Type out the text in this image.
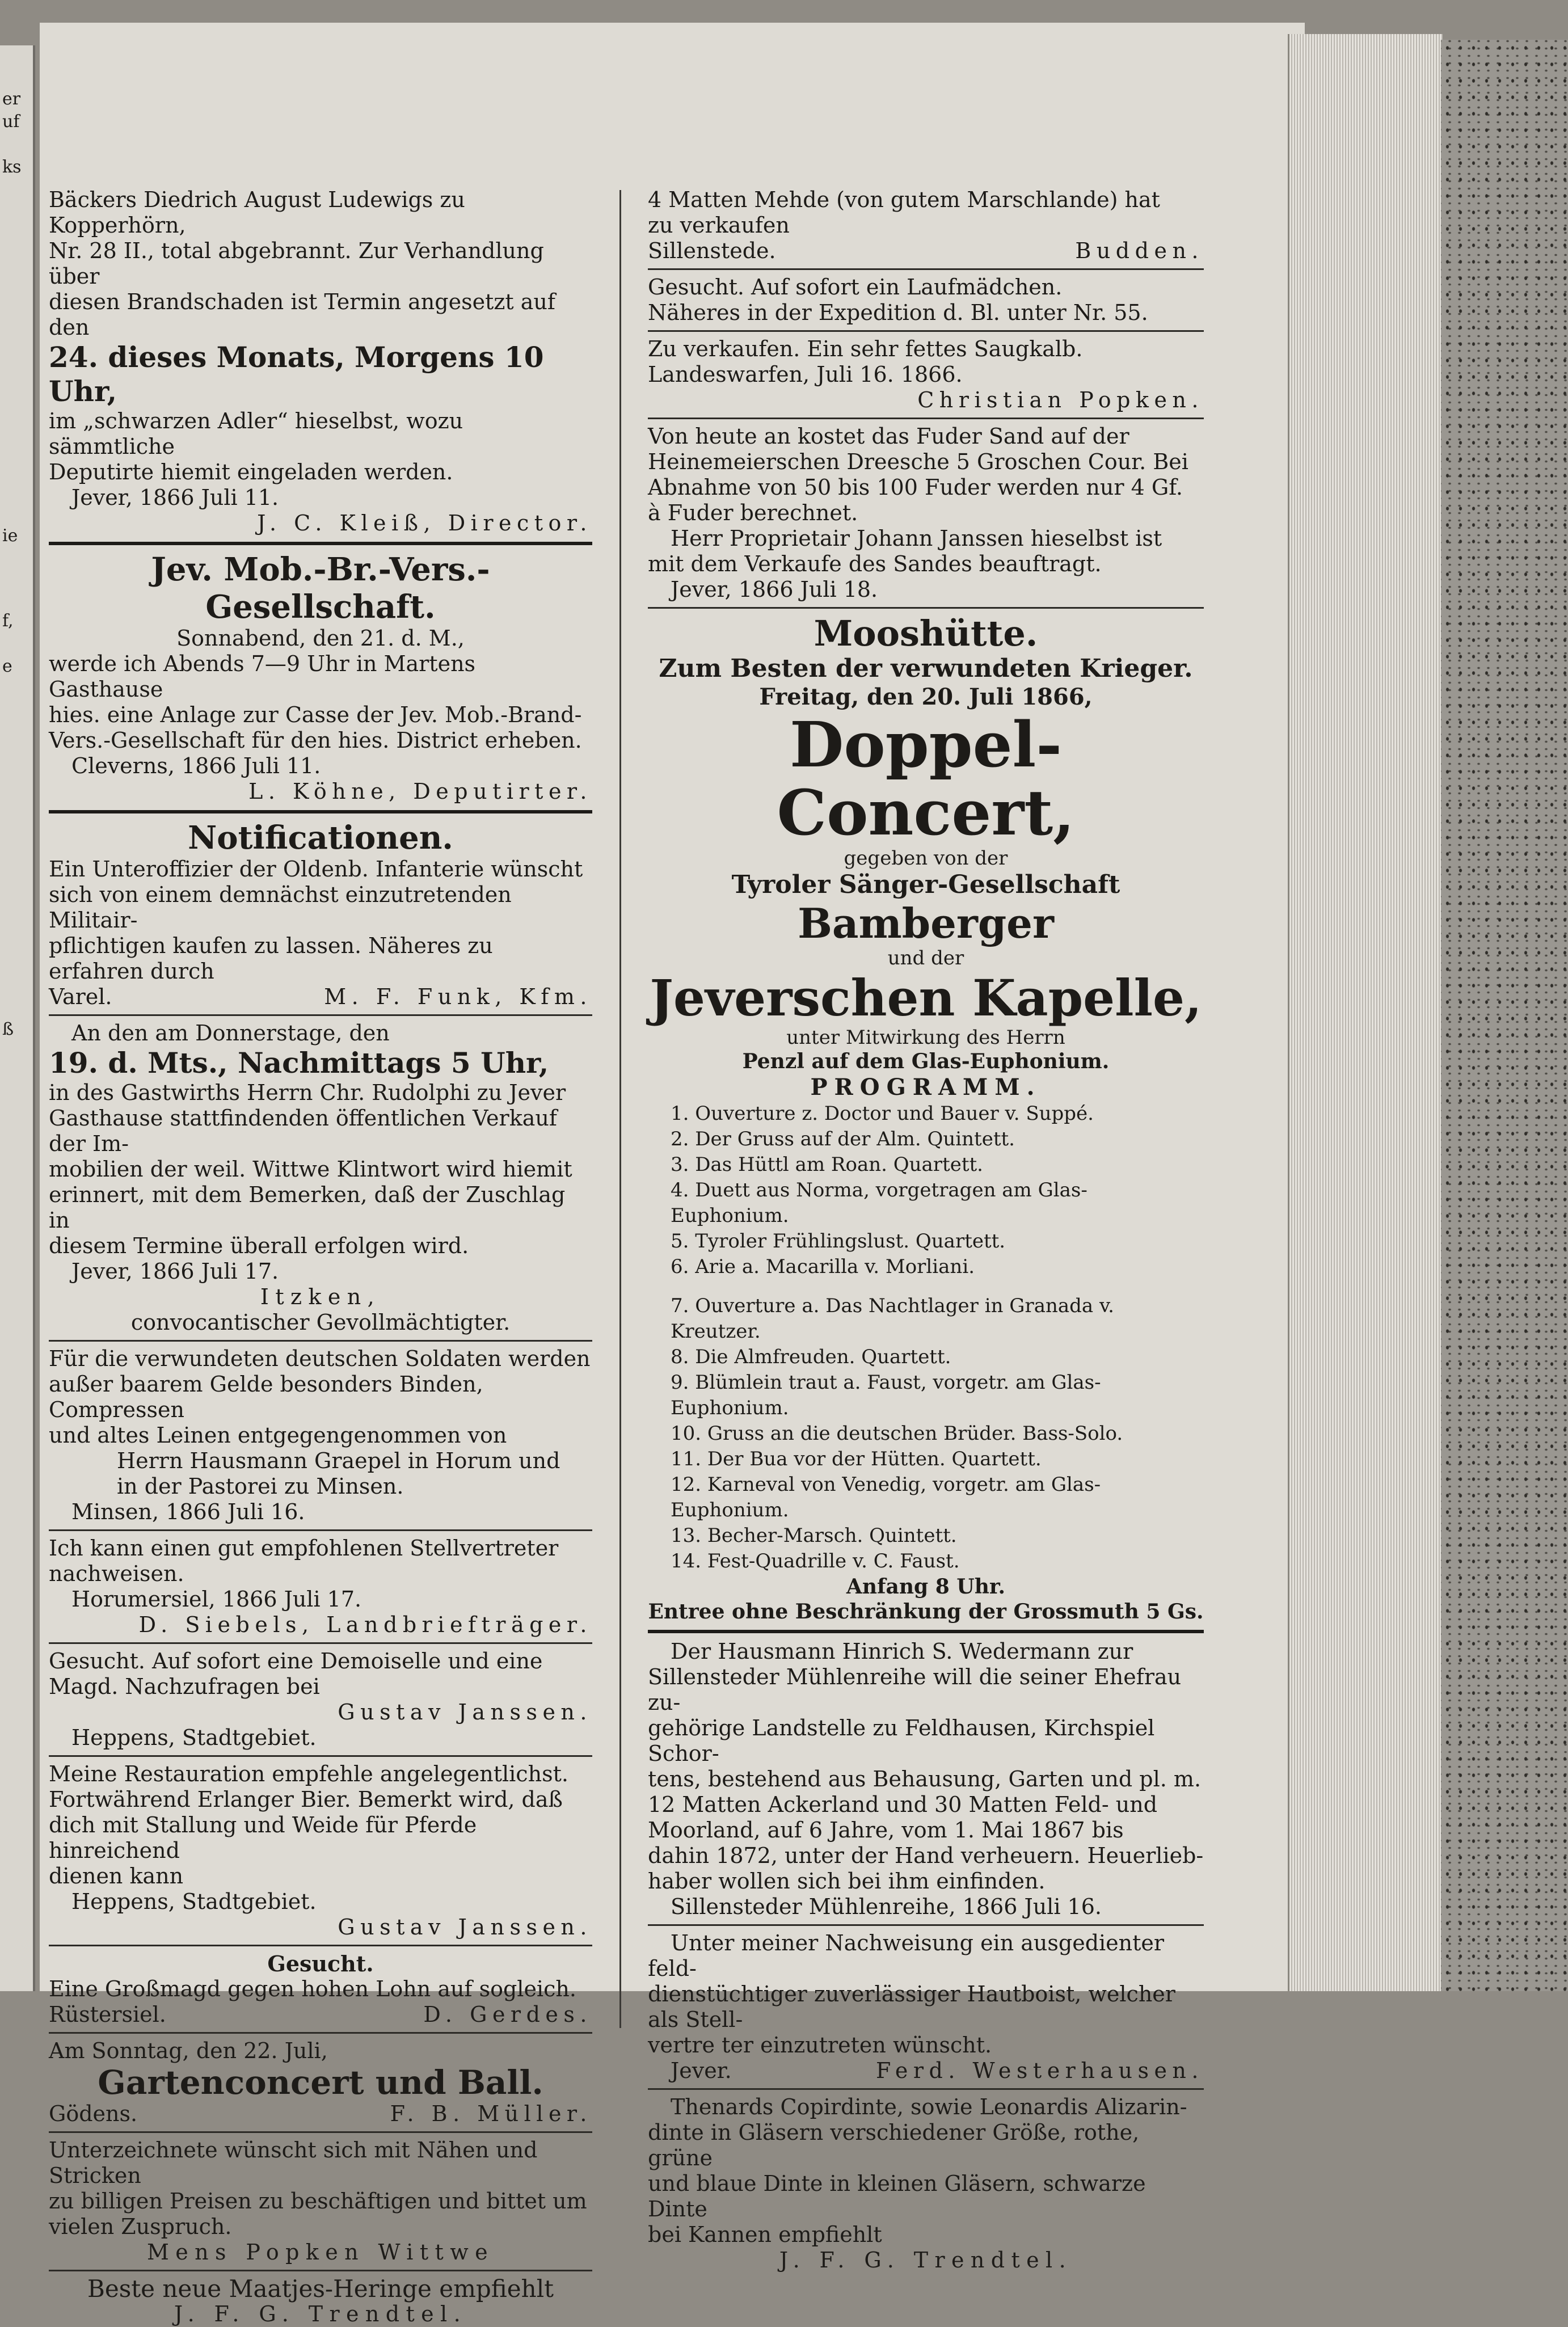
er
uf
ks
ie
f,
e
ß

Bäckers Diedrich August Ludewigs zu Kopperhörn,

Nr. 28 II., total abgebrannt. Zur Verhandlung über

diesen Brandschaden ist Termin angesetzt auf den

24. dieses Monats, Morgens 10 Uhr,

im „schwarzen Adler“ hieselbst, wozu sämmtliche

Deputirte hiemit eingeladen werden.

Jever, 1866 Juli 11.

J. C. Kleiß, Director.

Jev. Mob.-Br.-Vers.-Gesellschaft.

Sonnabend, den 21. d. M.,

werde ich Abends 7—9 Uhr in Martens Gasthause

hies. eine Anlage zur Casse der Jev. Mob.-Brand-

Vers.-Gesellschaft für den hies. District erheben.

Cleverns, 1866 Juli 11.

L. Köhne, Deputirter.

Notificationen.

Ein Unteroffizier der Oldenb. Infanterie wünscht

sich von einem demnächst einzutretenden Militair-

pflichtigen kaufen zu lassen. Näheres zu erfahren durch

Varel.	M. F. Funk, Kfm.

An den am Donnerstage, den

19. d. Mts., Nachmittags 5 Uhr,

in des Gastwirths Herrn Chr. Rudolphi zu Jever

Gasthause stattfindenden öffentlichen Verkauf der Im-

mobilien der weil. Wittwe Klintwort wird hiemit

erinnert, mit dem Bemerken, daß der Zuschlag in

diesem Termine überall erfolgen wird.

Jever, 1866 Juli 17.

Itzken,

convocantischer Gevollmächtigter.

Für die verwundeten deutschen Soldaten werden

außer baarem Gelde besonders Binden, Compressen

und altes Leinen entgegengenommen von

Herrn Hausmann Graepel in Horum und

in der Pastorei zu Minsen.

Minsen, 1866 Juli 16.

Ich kann einen gut empfohlenen Stellvertreter

nachweisen.

Horumersiel, 1866 Juli 17.

D. Siebels, Landbriefträger.

Gesucht. Auf sofort eine Demoiselle und eine

Magd. Nachzufragen bei

Gustav Janssen.

Heppens, Stadtgebiet.

Meine Restauration empfehle angelegentlichst.

Fortwährend Erlanger Bier. Bemerkt wird, daß

dich mit Stallung und Weide für Pferde hinreichend

dienen kann

Heppens, Stadtgebiet.

Gustav Janssen.

Gesucht.

Eine Großmagd gegen hohen Lohn auf sogleich.

Rüstersiel.	D. Gerdes.

Am Sonntag, den 22. Juli,

Gartenconcert und Ball.

Gödens.	F. B. Müller.

Unterzeichnete wünscht sich mit Nähen und Stricken

zu billigen Preisen zu beschäftigen und bittet um

vielen Zuspruch.

Mens Popken Wittwe

Beste neue Maatjes-Heringe empfiehlt

J. F. G. Trendtel.

4 Matten Mehde (von gutem Marschlande) hat

zu verkaufen

Sillenstede.	Budden.

Gesucht. Auf sofort ein Laufmädchen.

Näheres in der Expedition d. Bl. unter Nr. 55.

Zu verkaufen. Ein sehr fettes Saugkalb.

Landeswarfen, Juli 16. 1866.

Christian Popken.

Von heute an kostet das Fuder Sand auf der

Heinemeierschen Dreesche 5 Groschen Cour. Bei

Abnahme von 50 bis 100 Fuder werden nur 4 Gf.

à Fuder berechnet.

Herr Proprietair Johann Janssen hieselbst ist

mit dem Verkaufe des Sandes beauftragt.

Jever, 1866 Juli 18.

Mooshütte.

Zum Besten der verwundeten Krieger.

Freitag, den 20. Juli 1866,

Doppel-Concert,

gegeben von der

Tyroler Sänger-Gesellschaft

Bamberger

und der

Jeverschen Kapelle,

unter Mitwirkung des Herrn

Penzl auf dem Glas-Euphonium.

PROGRAMM.

1. Ouverture z. Doctor und Bauer v. Suppé.
2. Der Gruss auf der Alm. Quintett.
3. Das Hüttl am Roan. Quartett.
4. Duett aus Norma, vorgetragen am Glas-Euphonium.
5. Tyroler Frühlingslust. Quartett.
6. Arie a. Macarilla v. Morliani.
7. Ouverture a. Das Nachtlager in Granada v. Kreutzer.
8. Die Almfreuden. Quartett.
9. Blümlein traut a. Faust, vorgetr. am Glas-Euphonium.
10. Gruss an die deutschen Brüder. Bass-Solo.
11. Der Bua vor der Hütten. Quartett.
12. Karneval von Venedig, vorgetr. am Glas-Euphonium.
13. Becher-Marsch. Quintett.
14. Fest-Quadrille v. C. Faust.

Anfang 8 Uhr.

Entree ohne Beschränkung der Grossmuth 5 Gs.

Der Hausmann Hinrich S. Wedermann zur

Sillensteder Mühlenreihe will die seiner Ehefrau zu-

gehörige Landstelle zu Feldhausen, Kirchspiel Schor-

tens, bestehend aus Behausung, Garten und pl. m.

12 Matten Ackerland und 30 Matten Feld- und

Moorland, auf 6 Jahre, vom 1. Mai 1867 bis

dahin 1872, unter der Hand verheuern. Heuerlieb-

haber wollen sich bei ihm einfinden.

Sillensteder Mühlenreihe, 1866 Juli 16.

Unter meiner Nachweisung ein ausgedienter feld-

dienstüchtiger zuverlässiger Hautboist, welcher als Stell-

vertre ter einzutreten wünscht.

Jever.	Ferd. Westerhausen.

Thenards Copirdinte, sowie Leonardis Alizarin-

dinte in Gläsern verschiedener Größe, rothe, grüne

und blaue Dinte in kleinen Gläsern, schwarze Dinte

bei Kannen empfiehlt

J. F. G. Trendtel.
